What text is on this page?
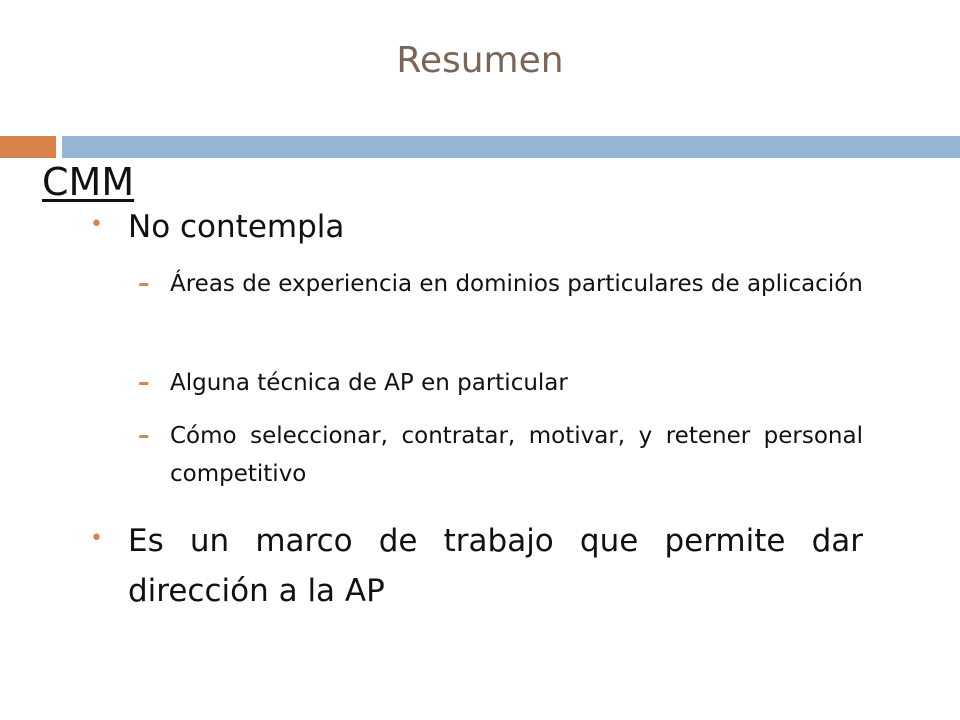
Resumen
CMM
• No contempla
– Áreas de experiencia en dominios particulares de aplicación
– Alguna técnica de AP en particular
– Cómo seleccionar, contratar, motivar, y retener personal competitivo
• Es un marco de trabajo que permite dar dirección a la AP
